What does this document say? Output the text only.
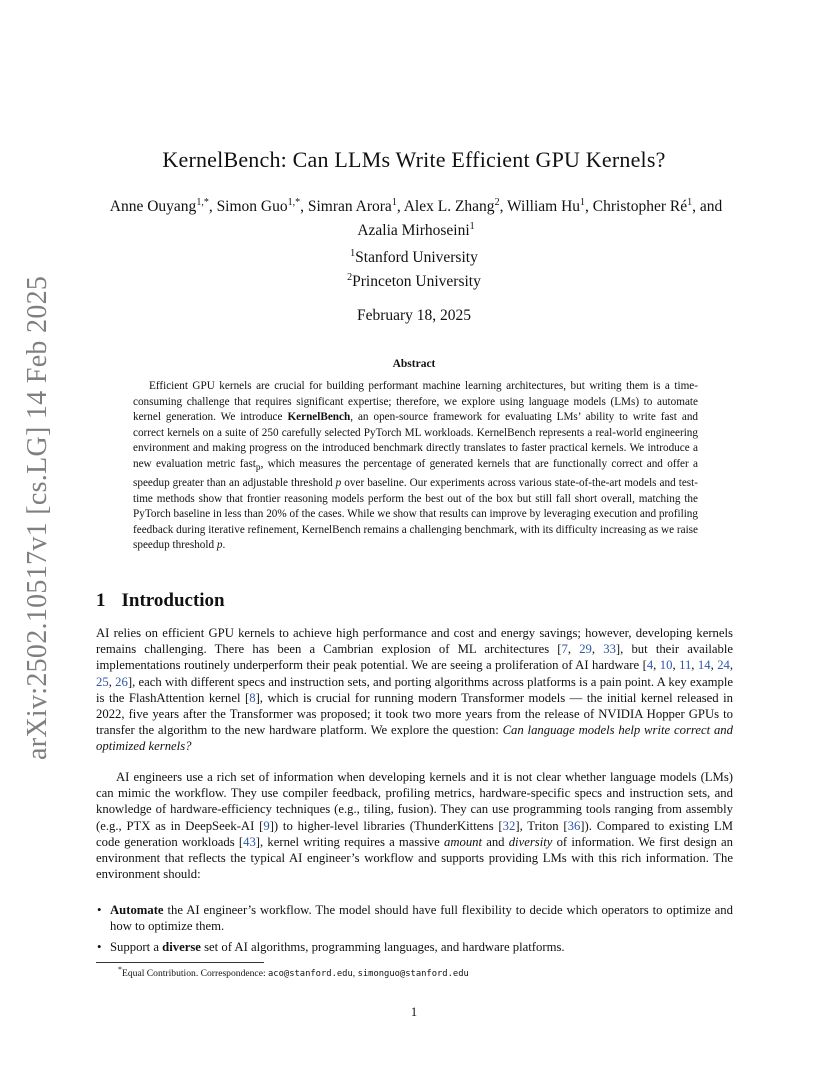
arXiv:2502.10517v1 [cs.LG] 14 Feb 2025
KernelBench: Can LLMs Write Efficient GPU Kernels?
Anne Ouyang$^{1,*}$, Simon Guo$^{1,*}$, Simran Arora$^1$, Alex L. Zhang$^2$, William Hu$^1$, Christopher $Ré^1$, and Azalia Mirhoseini$^1$
$^1$Stanford University
$^2$Princeton University
February 18, 2025
Abstract
Efficient GPU kernels are crucial for building performant machine learning architectures, but writing them is a time-consuming challenge that requires significant expertise; therefore, we explore using language models (LMs) to automate kernel generation. We introduce KernelBench, an open-source framework for evaluating LMs’ ability to write fast and correct kernels on a suite of 250 carefully selected PyTorch ML workloads. KernelBench represents a real-world engineering environment and making progress on the introduced benchmark directly translates to faster practical kernels. We introduce a new evaluation metric fast$_p$, which measures the percentage of generated kernels that are functionally correct and offer a speedup greater than an adjustable threshold p over baseline. Our experiments across various state-of-the-art models and test-time methods show that frontier reasoning models perform the best out of the box but still fall short overall, matching the PyTorch baseline in less than 20% of the cases. While we show that results can improve by leveraging execution and profiling feedback during iterative refinement, KernelBench remains a challenging benchmark, with its difficulty increasing as we raise speedup threshold p.
1 Introduction

AI relies on efficient GPU kernels to achieve high performance and cost and energy savings; however, developing kernels remains challenging. There has been a Cambrian explosion of ML architectures [7, 29, 33], but their available implementations routinely underperform their peak potential. We are seeing a proliferation of AI hardware [4, 10, 11, 14, 24, 25, 26], each with different specs and instruction sets, and porting algorithms across platforms is a pain point. A key example is the FlashAttention kernel [8], which is crucial for running modern Transformer models — the initial kernel released in 2022, five years after the Transformer was proposed; it took two more years from the release of NVIDIA Hopper GPUs to transfer the algorithm to the new hardware platform. We explore the question: Can language models help write correct and optimized kernels?

AI engineers use a rich set of information when developing kernels and it is not clear whether language models (LMs) can mimic the workflow. They use compiler feedback, profiling metrics, hardware-specific specs and instruction sets, and knowledge of hardware-efficiency techniques (e.g., tiling, fusion). They can use programming tools ranging from assembly (e.g., PTX as in DeepSeek-AI [9]) to higher-level libraries (ThunderKittens [32], Triton [36]). Compared to existing LM code generation workloads [43], kernel writing requires a massive amount and diversity of information. We first design an environment that reflects the typical AI engineer’s workflow and supports providing LMs with this rich information. The environment should:

• Automate the AI engineer’s workflow. The model should have full flexibility to decide which operators to optimize and how to optimize them.
• Support a diverse set of AI algorithms, programming languages, and hardware platforms.
*Equal Contribution. Correspondence: aco@stanford.edu, simonguo@stanford.edu
1
